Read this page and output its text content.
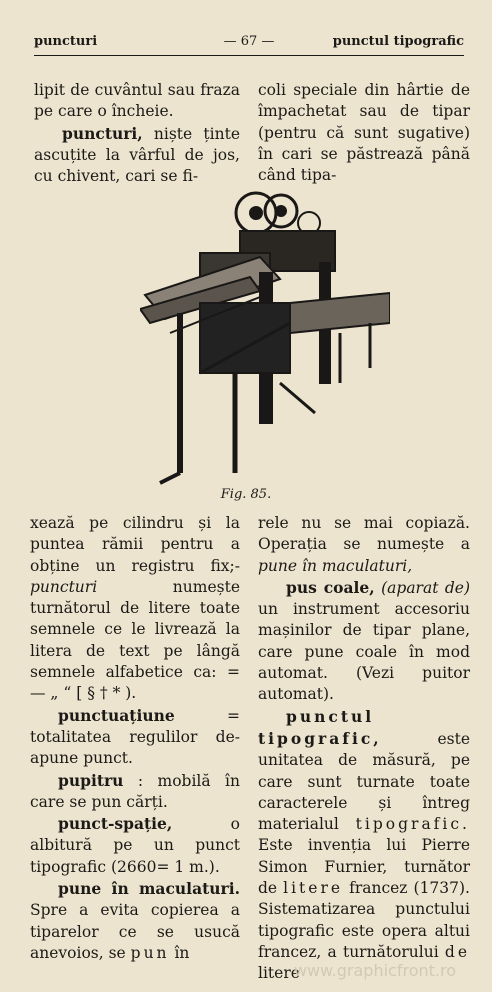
puncturi	— 67 —	punctul tipografic

lipit de cuvântul sau fraza pe care o încheie.

puncturi, niște ținte ascuțite la vârful de jos, cu chivent, cari se fi-

coli speciale din hârtie de împachetat sau de tipar (pentru că sunt sugative) în cari se păstrează până când tipa-

Fig. 85.

xează pe cilindru și la puntea rămii pentru a obține un registru fix;-puncturi numește turnătorul de litere toate semnele ce le livrează la litera de text pe lângă semnele alfabetice ca: = — „ “ [ § † * ).

punctuațiune = totalitatea regulilor de-apune punct.

pupitru : mobilă în care se pun cărți.

punct-spație, o albitură pe un punct tipografic (2660= 1 m.).

pune în maculaturi. Spre a evita copierea a tiparelor ce se usucă anevoios, se pun în

rele nu se mai copiază. Operația se numește a pune în maculaturi,

pus coale, (aparat de) un instrument accesoriu mașinilor de tipar plane, care pune coale în mod automat. (Vezi puitor automat).

punctul tipografic, este unitatea de măsură, pe care sunt turnate toate caracterele și întreg materialul tipografic. Este invenția lui Pierre Simon Furnier, turnător de litere francez (1737). Sistematizarea punctului tipografic este opera altui francez, a turnătorului de litere

www.graphicfront.ro
